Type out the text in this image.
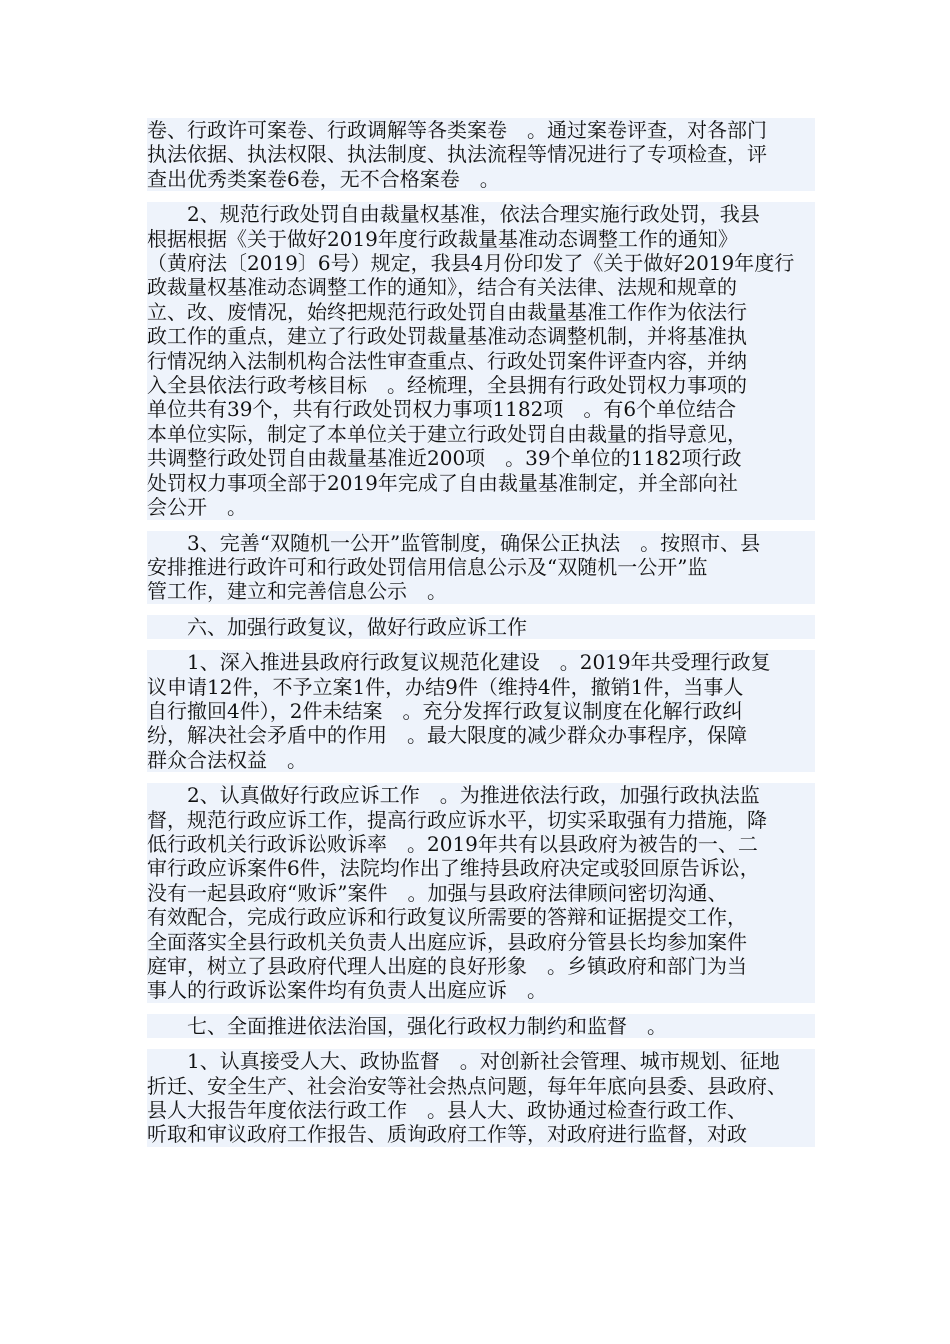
卷、行政许可案卷、行政调解等各类案卷　。通过案卷评查，对各部门
执法依据、执法权限、执法制度、执法流程等情况进行了专项检查，评
查出优秀类案卷6卷，无不合格案卷　。
2、规范行政处罚自由裁量权基准，依法合理实施行政处罚，我县
根据根据《关于做好2019年度行政裁量基准动态调整工作的通知》
（黄府法〔2019〕6号）规定，我县4月份印发了《关于做好2019年度行
政裁量权基准动态调整工作的通知》，结合有关法律、法规和规章的
立、改、废情况，始终把规范行政处罚自由裁量基准工作作为依法行
政工作的重点，建立了行政处罚裁量基准动态调整机制，并将基准执
行情况纳入法制机构合法性审查重点、行政处罚案件评查内容，并纳
入全县依法行政考核目标　。经梳理，全县拥有行政处罚权力事项的
单位共有39个，共有行政处罚权力事项1182项　。有6个单位结合
本单位实际，制定了本单位关于建立行政处罚自由裁量的指导意见，
共调整行政处罚自由裁量基准近200项　。39个单位的1182项行政
处罚权力事项全部于2019年完成了自由裁量基准制定，并全部向社
会公开　。
3、完善“双随机一公开”监管制度，确保公正执法　。按照市、县
安排推进行政许可和行政处罚信用信息公示及“双随机一公开”监
管工作，建立和完善信息公示　。
六、加强行政复议，做好行政应诉工作
1、深入推进县政府行政复议规范化建设　。2019年共受理行政复
议申请12件，不予立案1件，办结9件（维持4件，撤销1件，当事人
自行撤回4件），2件未结案　。充分发挥行政复议制度在化解行政纠
纷，解决社会矛盾中的作用　。最大限度的减少群众办事程序，保障
群众合法权益　。
2、认真做好行政应诉工作　。为推进依法行政，加强行政执法监
督，规范行政应诉工作，提高行政应诉水平，切实采取强有力措施，降
低行政机关行政诉讼败诉率　。2019年共有以县政府为被告的一、二
审行政应诉案件6件，法院均作出了维持县政府决定或驳回原告诉讼，
没有一起县政府“败诉”案件　。加强与县政府法律顾问密切沟通、
有效配合，完成行政应诉和行政复议所需要的答辩和证据提交工作，
全面落实全县行政机关负责人出庭应诉，县政府分管县长均参加案件
庭审，树立了县政府代理人出庭的良好形象　。乡镇政府和部门为当
事人的行政诉讼案件均有负责人出庭应诉　。
七、全面推进依法治国，强化行政权力制约和监督　。
1、认真接受人大、政协监督　。对创新社会管理、城市规划、征地
折迁、安全生产、社会治安等社会热点问题，每年年底向县委、县政府、
县人大报告年度依法行政工作　。县人大、政协通过检查行政工作、
听取和审议政府工作报告、质询政府工作等，对政府进行监督，对政
